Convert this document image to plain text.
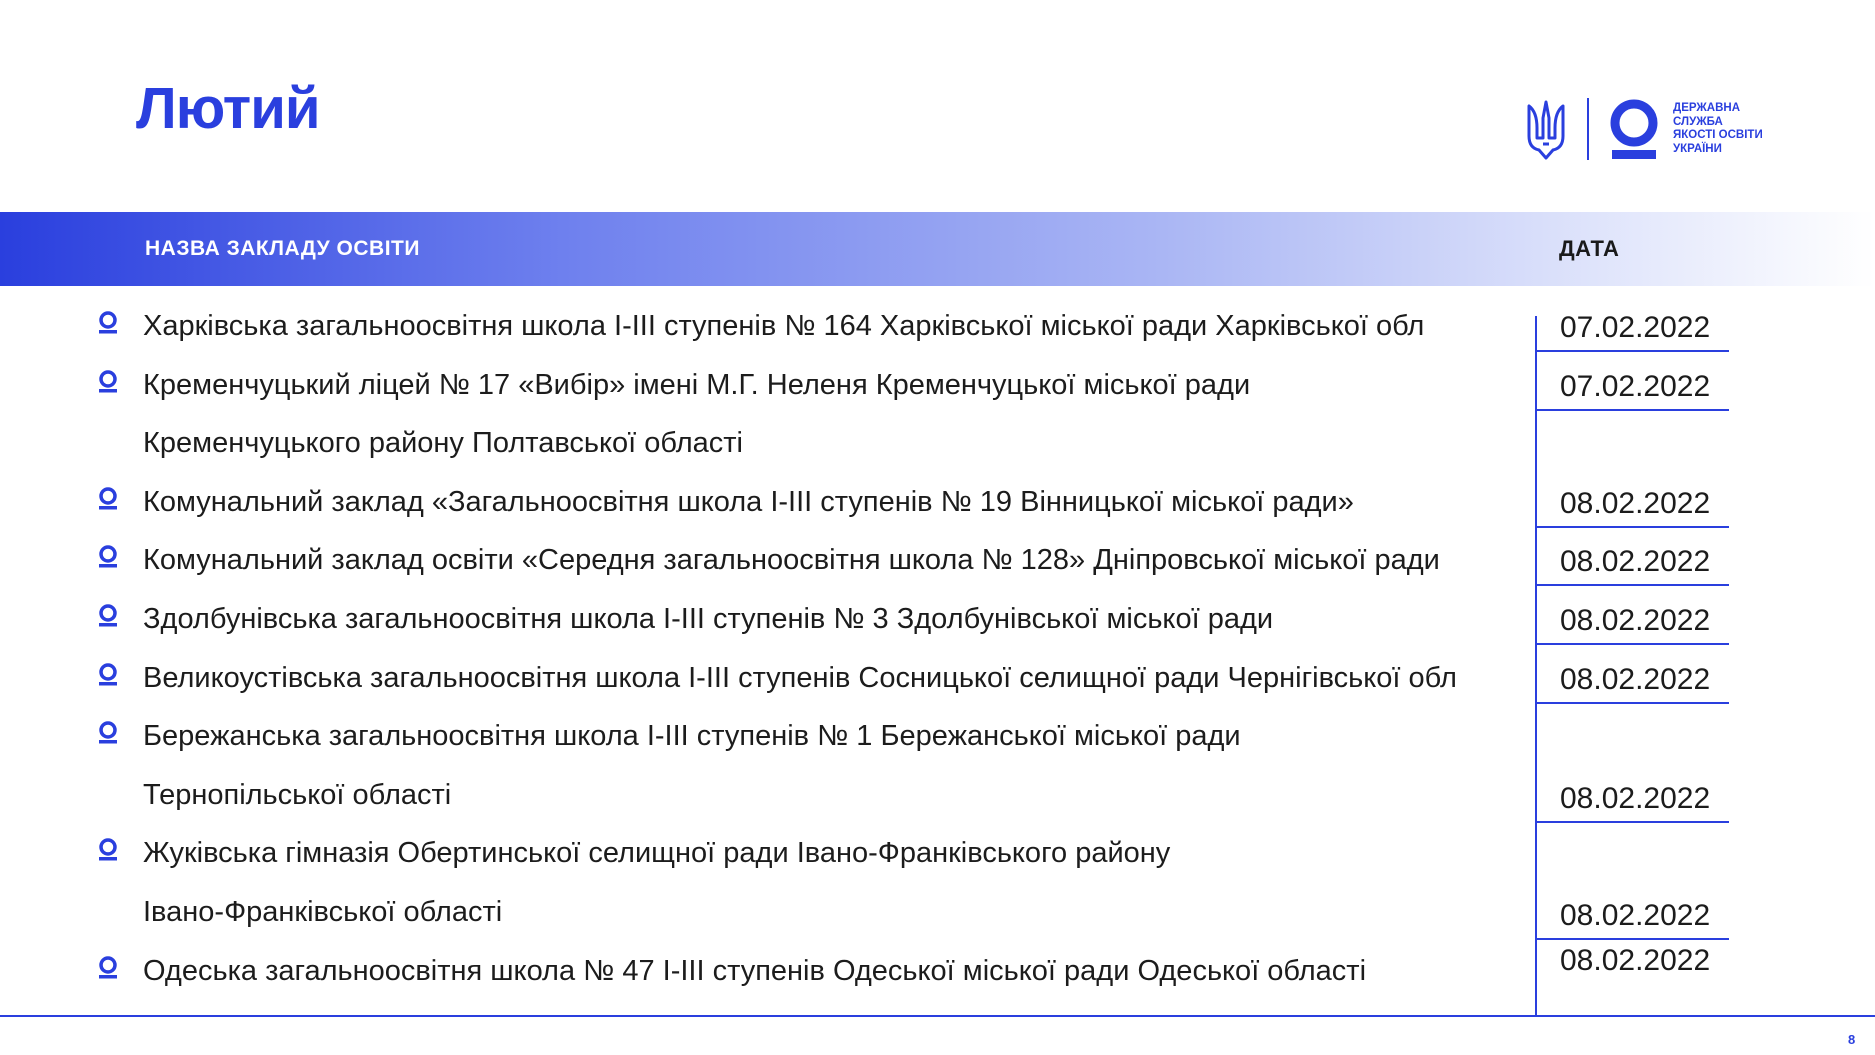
Лютий	ДЕРЖАВНА
СЛУЖБА
ЯКОСТІ ОСВІТИ
УКРАЇНИ
НАЗВА ЗАКЛАДУ ОСВІТИ	ДАТА
Харківська загальноосвітня школа І-ІІІ ступенів № 164 Харківської міської ради Харківської обл	07.02.2022
Кременчуцький ліцей № 17 «Вибір» імені М.Г. Неленя Кременчуцької міської ради
Кременчуцького району Полтавської області
07.02.2022
Комунальний заклад «Загальноосвітня школа І-ІІІ ступенів № 19 Вінницької міської ради»	08.02.2022
Комунальний заклад освіти «Середня загальноосвітня школа № 128» Дніпровської міської ради	08.02.2022
Здолбунівська загальноосвітня школа І-ІІІ ступенів № 3 Здолбунівської міської ради	08.02.2022
Великоустівська загальноосвітня школа І-ІІІ ступенів Сосницької селищної ради Чернігівської обл	08.02.2022
Бережанська загальноосвітня школа І-ІІІ ступенів № 1 Бережанської міської ради
Тернопільської області	08.02.2022
Жуківська гімназія Обертинської селищної ради Івано-Франківського району
Івано-Франківської області	08.02.2022
Одеська загальноосвітня школа № 47 І-ІІІ ступенів Одеської міської ради Одеської області	08.02.2022
8
